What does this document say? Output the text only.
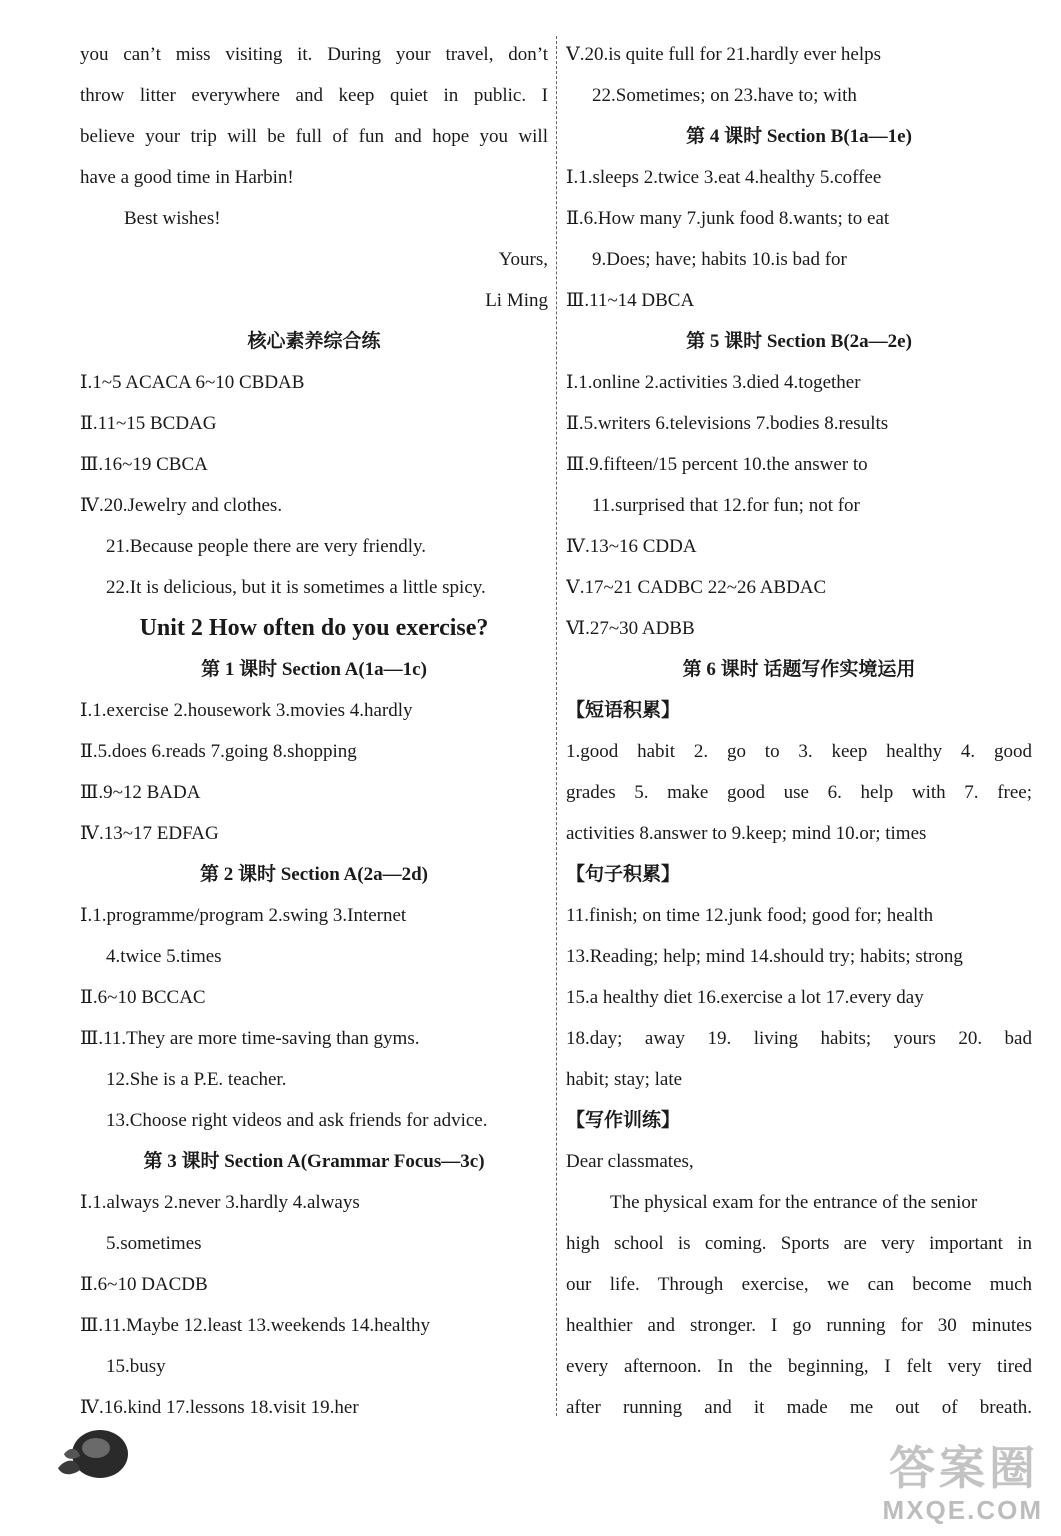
you can’t miss visiting it. During your travel, don’t
throw litter everywhere and keep quiet in public. I
believe your trip will be full of fun and hope you will
have a good time in Harbin!
Best wishes!
Yours,
Li Ming
核心素养综合练
Ⅰ.1~5 ACACA 6~10 CBDAB
Ⅱ.11~15 BCDAG
Ⅲ.16~19 CBCA
Ⅳ.20.Jewelry and clothes.
21.Because people there are very friendly.
22.It is delicious, but it is sometimes a little spicy.
Unit 2 How often do you exercise?
第 1 课时 Section A(1a—1c)
Ⅰ.1.exercise 2.housework 3.movies 4.hardly
Ⅱ.5.does 6.reads 7.going 8.shopping
Ⅲ.9~12 BADA
Ⅳ.13~17 EDFAG
第 2 课时 Section A(2a—2d)
Ⅰ.1.programme/program 2.swing 3.Internet
4.twice 5.times
Ⅱ.6~10 BCCAC
Ⅲ.11.They are more time-saving than gyms.
12.She is a P.E. teacher.
13.Choose right videos and ask friends for advice.
第 3 课时 Section A(Grammar Focus—3c)
Ⅰ.1.always 2.never 3.hardly 4.always
5.sometimes
Ⅱ.6~10 DACDB
Ⅲ.11.Maybe 12.least 13.weekends 14.healthy
15.busy
Ⅳ.16.kind 17.lessons 18.visit 19.her
Ⅴ.20.is quite full for 21.hardly ever helps
22.Sometimes; on 23.have to; with
第 4 课时 Section B(1a—1e)
Ⅰ.1.sleeps 2.twice 3.eat 4.healthy 5.coffee
Ⅱ.6.How many 7.junk food 8.wants; to eat
9.Does; have; habits 10.is bad for
Ⅲ.11~14 DBCA
第 5 课时 Section B(2a—2e)
Ⅰ.1.online 2.activities 3.died 4.together
Ⅱ.5.writers 6.televisions 7.bodies 8.results
Ⅲ.9.fifteen/15 percent 10.the answer to
11.surprised that 12.for fun; not for
Ⅳ.13~16 CDDA
Ⅴ.17~21 CADBC 22~26 ABDAC
Ⅵ.27~30 ADBB
第 6 课时 话题写作实境运用
【短语积累】
1.good habit 2. go to 3. keep healthy 4. good
grades 5. make good use 6. help with 7. free;
activities 8.answer to 9.keep; mind 10.or; times
【句子积累】
11.finish; on time 12.junk food; good for; health
13.Reading; help; mind 14.should try; habits; strong
15.a healthy diet 16.exercise a lot 17.every day
18.day; away 19. living habits; yours 20. bad
habit; stay; late
【写作训练】
Dear classmates,
The physical exam for the entrance of the senior
high school is coming. Sports are very important in
our life. Through exercise, we can become much
healthier and stronger. I go running for 30 minutes
every afternoon. In the beginning, I felt very tired
after running and it made me out of breath.
答案圈
MXQE.COM
